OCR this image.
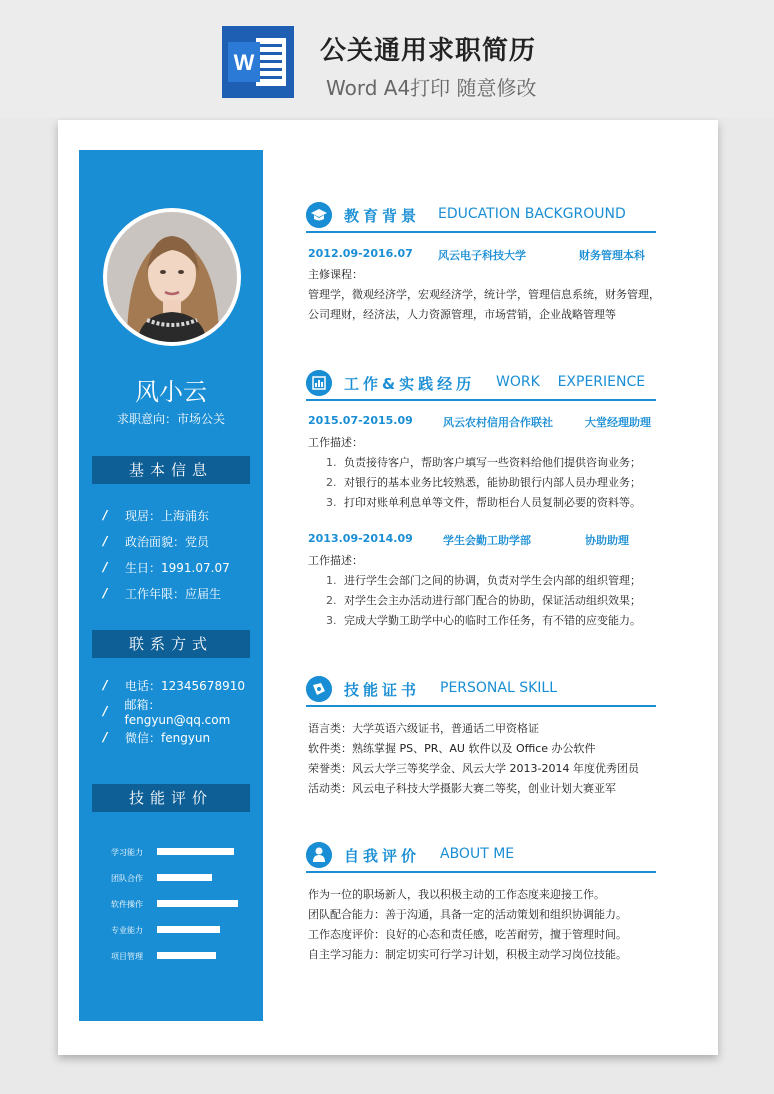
W	公关通用求职简历
Word A4打印 随意修改
风小云
求职意向：市场公关
基本信息
/	现居：上海浦东
/	政治面貌：党员
/	生日：1991.07.07
/	工作年限：应届生
联系方式
/	电话：12345678910
/	邮箱：fengyun@qq.com
/	微信：fengyun
技能评价
学习能力
团队合作
软件操作
专业能力
项目管理
教育背景 EDUCATION BACKGROUND
2012.09-2016.07 风云电子科技大学	财务管理本科
主修课程：
管理学，微观经济学，宏观经济学，统计学，管理信息系统，财务管理，
公司理财，经济法，人力资源管理，市场营销，企业战略管理等
工作&实践经历 WORK    EXPERIENCE
2015.07-2015.09	风云农村信用合作联社	大堂经理助理
工作描述：
1. 负责接待客户，帮助客户填写一些资料给他们提供咨询业务；
2. 对银行的基本业务比较熟悉，能协助银行内部人员办理业务；
3. 打印对账单利息单等文件，帮助柜台人员复制必要的资料等。
2013.09-2014.09	学生会勤工助学部	协助助理
工作描述：
1. 进行学生会部门之间的协调，负责对学生会内部的组织管理；
2. 对学生会主办活动进行部门配合的协助，保证活动组织效果；
3. 完成大学勤工助学中心的临时工作任务，有不错的应变能力。
技能证书 PERSONAL SKILL
语言类：大学英语六级证书，普通话二甲资格证
软件类：熟练掌握 PS、PR、AU 软件以及 Office 办公软件
荣誉类：风云大学三等奖学金、风云大学 2013-2014 年度优秀团员
活动类：风云电子科技大学摄影大赛二等奖，创业计划大赛亚军
自我评价 ABOUT ME
作为一位的职场新人，我以积极主动的工作态度来迎接工作。
团队配合能力：善于沟通，具备一定的活动策划和组织协调能力。
工作态度评价：良好的心态和责任感，吃苦耐劳，擅于管理时间。
自主学习能力：制定切实可行学习计划，积极主动学习岗位技能。
